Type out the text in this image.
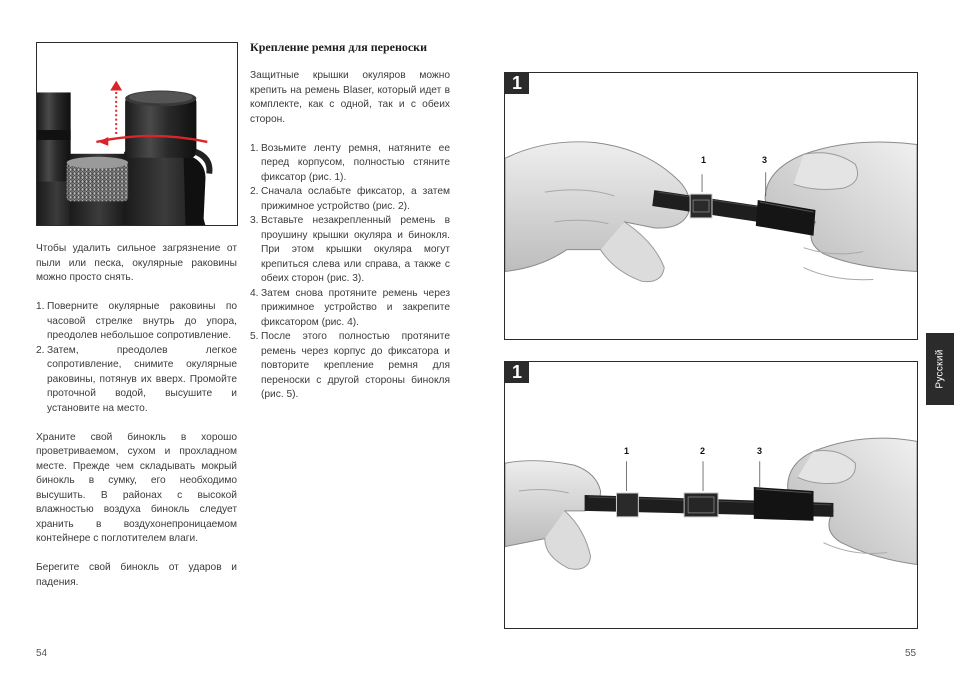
Чтобы удалить сильное загрязнение от пыли или песка, окулярные раковины можно просто снять.

1. Поверните окулярные раковины по часовой стрелке внутрь до упора, преодолев небольшое сопротивление.
2. Затем, преодолев легкое сопротивление, снимите окулярные раковины, потянув их вверх. Промойте проточной водой, высушите и установите на место.

Храните свой бинокль в хорошо проветриваемом, сухом и прохладном месте. Прежде чем складывать мокрый бинокль в сумку, его необходимо высушить. В районах с высокой влажностью воздуха бинокль следует хранить в воздухонепроницаемом контейнере с поглотителем влаги.

Берегите свой бинокль от ударов и падения.

Крепление ремня для переноски

Защитные крышки окуляров можно крепить на ремень Blaser, который идет в комплекте, как с одной, так и с обеих сторон.

1. Возьмите ленту ремня, натяните ее перед корпусом, полностью стяните фиксатор (рис. 1).
2. Сначала ослабьте фиксатор, а затем прижимное устройство (рис. 2).
3. Вставьте незакрепленный ремень в проушину крышки окуляра и бинокля. При этом крышки окуляра могут крепиться слева или справа, а также с обеих сторон (рис. 3).
4. Затем снова протяните ремень через прижимное устройство и закрепите фиксатором (рис. 4).
5. После этого полностью протяните ремень через корпус до фиксатора и повторите крепление ремня для переноски с другой стороны бинокля (рис. 5).
1
1	3
1
1	2	3
Русский
54	55
